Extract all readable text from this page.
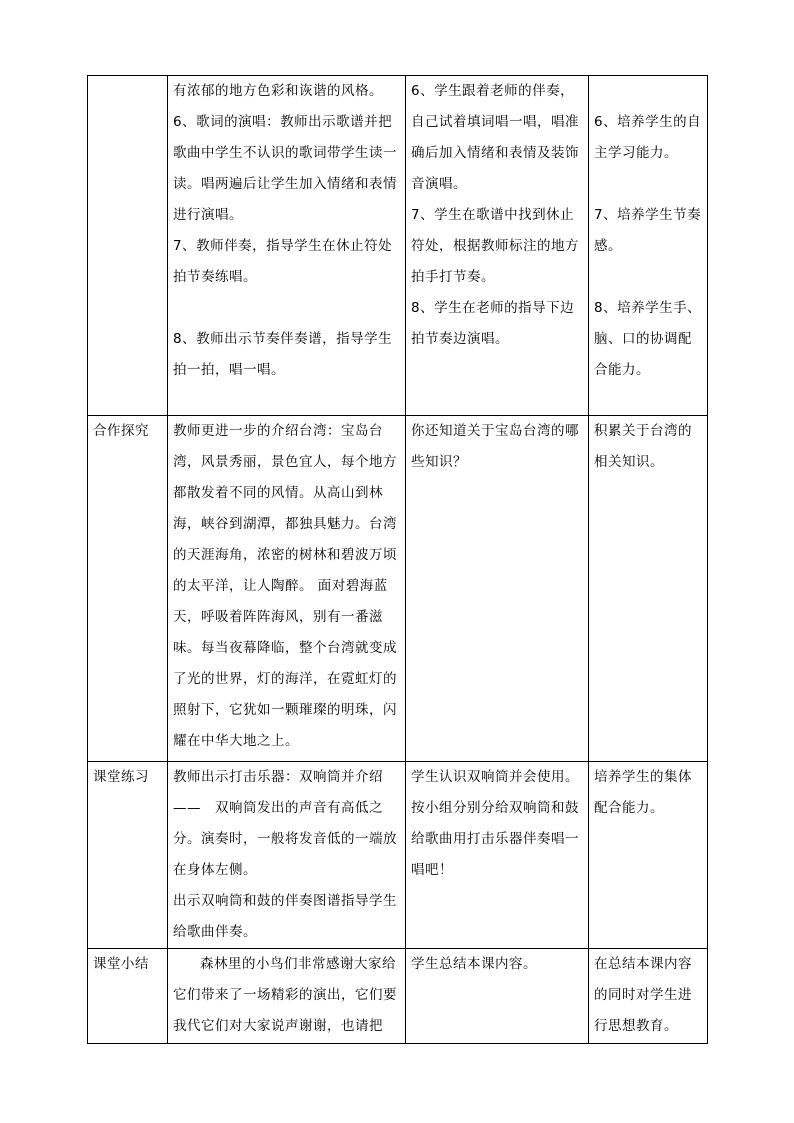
	有浓郁的地方色彩和诙谐的风格。
6、歌词的演唱：教师出示歌谱并把歌曲中学生不认识的歌词带学生读一读。唱两遍后让学生加入情绪和表情进行演唱。
7、教师伴奏，指导学生在休止符处拍节奏练唱。
8、教师出示节奏伴奏谱，指导学生拍一拍，唱一唱。	6、学生跟着老师的伴奏，自己试着填词唱一唱，唱准确后加入情绪和表情及装饰音演唱。
7、学生在歌谱中找到休止符处，根据教师标注的地方拍手打节奏。
8、学生在老师的指导下边拍节奏边演唱。	6、培养学生的自主学习能力。
7、培养学生节奏感。
8、培养学生手、脑、口的协调配合能力。

合作探究	教师更进一步的介绍台湾：宝岛台湾，风景秀丽，景色宜人，每个地方都散发着不同的风情。从高山到林海，峡谷到湖潭，都独具魅力。台湾的天涯海角，浓密的树林和碧波万顷的太平洋，让人陶醉。 面对碧海蓝天，呼吸着阵阵海风，别有一番滋味。每当夜幕降临，整个台湾就变成了光的世界，灯的海洋，在霓虹灯的照射下，它犹如一颗璀璨的明珠，闪耀在中华大地之上。	你还知道关于宝岛台湾的哪些知识？	积累关于台湾的相关知识。
课堂练习	教师出示打击乐器：双响筒并介绍——　双响筒发出的声音有高低之分。演奏时，一般将发音低的一端放在身体左侧。
出示双响筒和鼓的伴奏图谱指导学生给歌曲伴奏。	学生认识双响筒并会使用。按小组分别分给双响筒和鼓给歌曲用打击乐器伴奏唱一唱吧！	培养学生的集体配合能力。
课堂小结	森林里的小鸟们非常感谢大家给它们带来了一场精彩的演出，它们要我代它们对大家说声谢谢，也请把	学生总结本课内容。	在总结本课内容的同时对学生进行思想教育。
